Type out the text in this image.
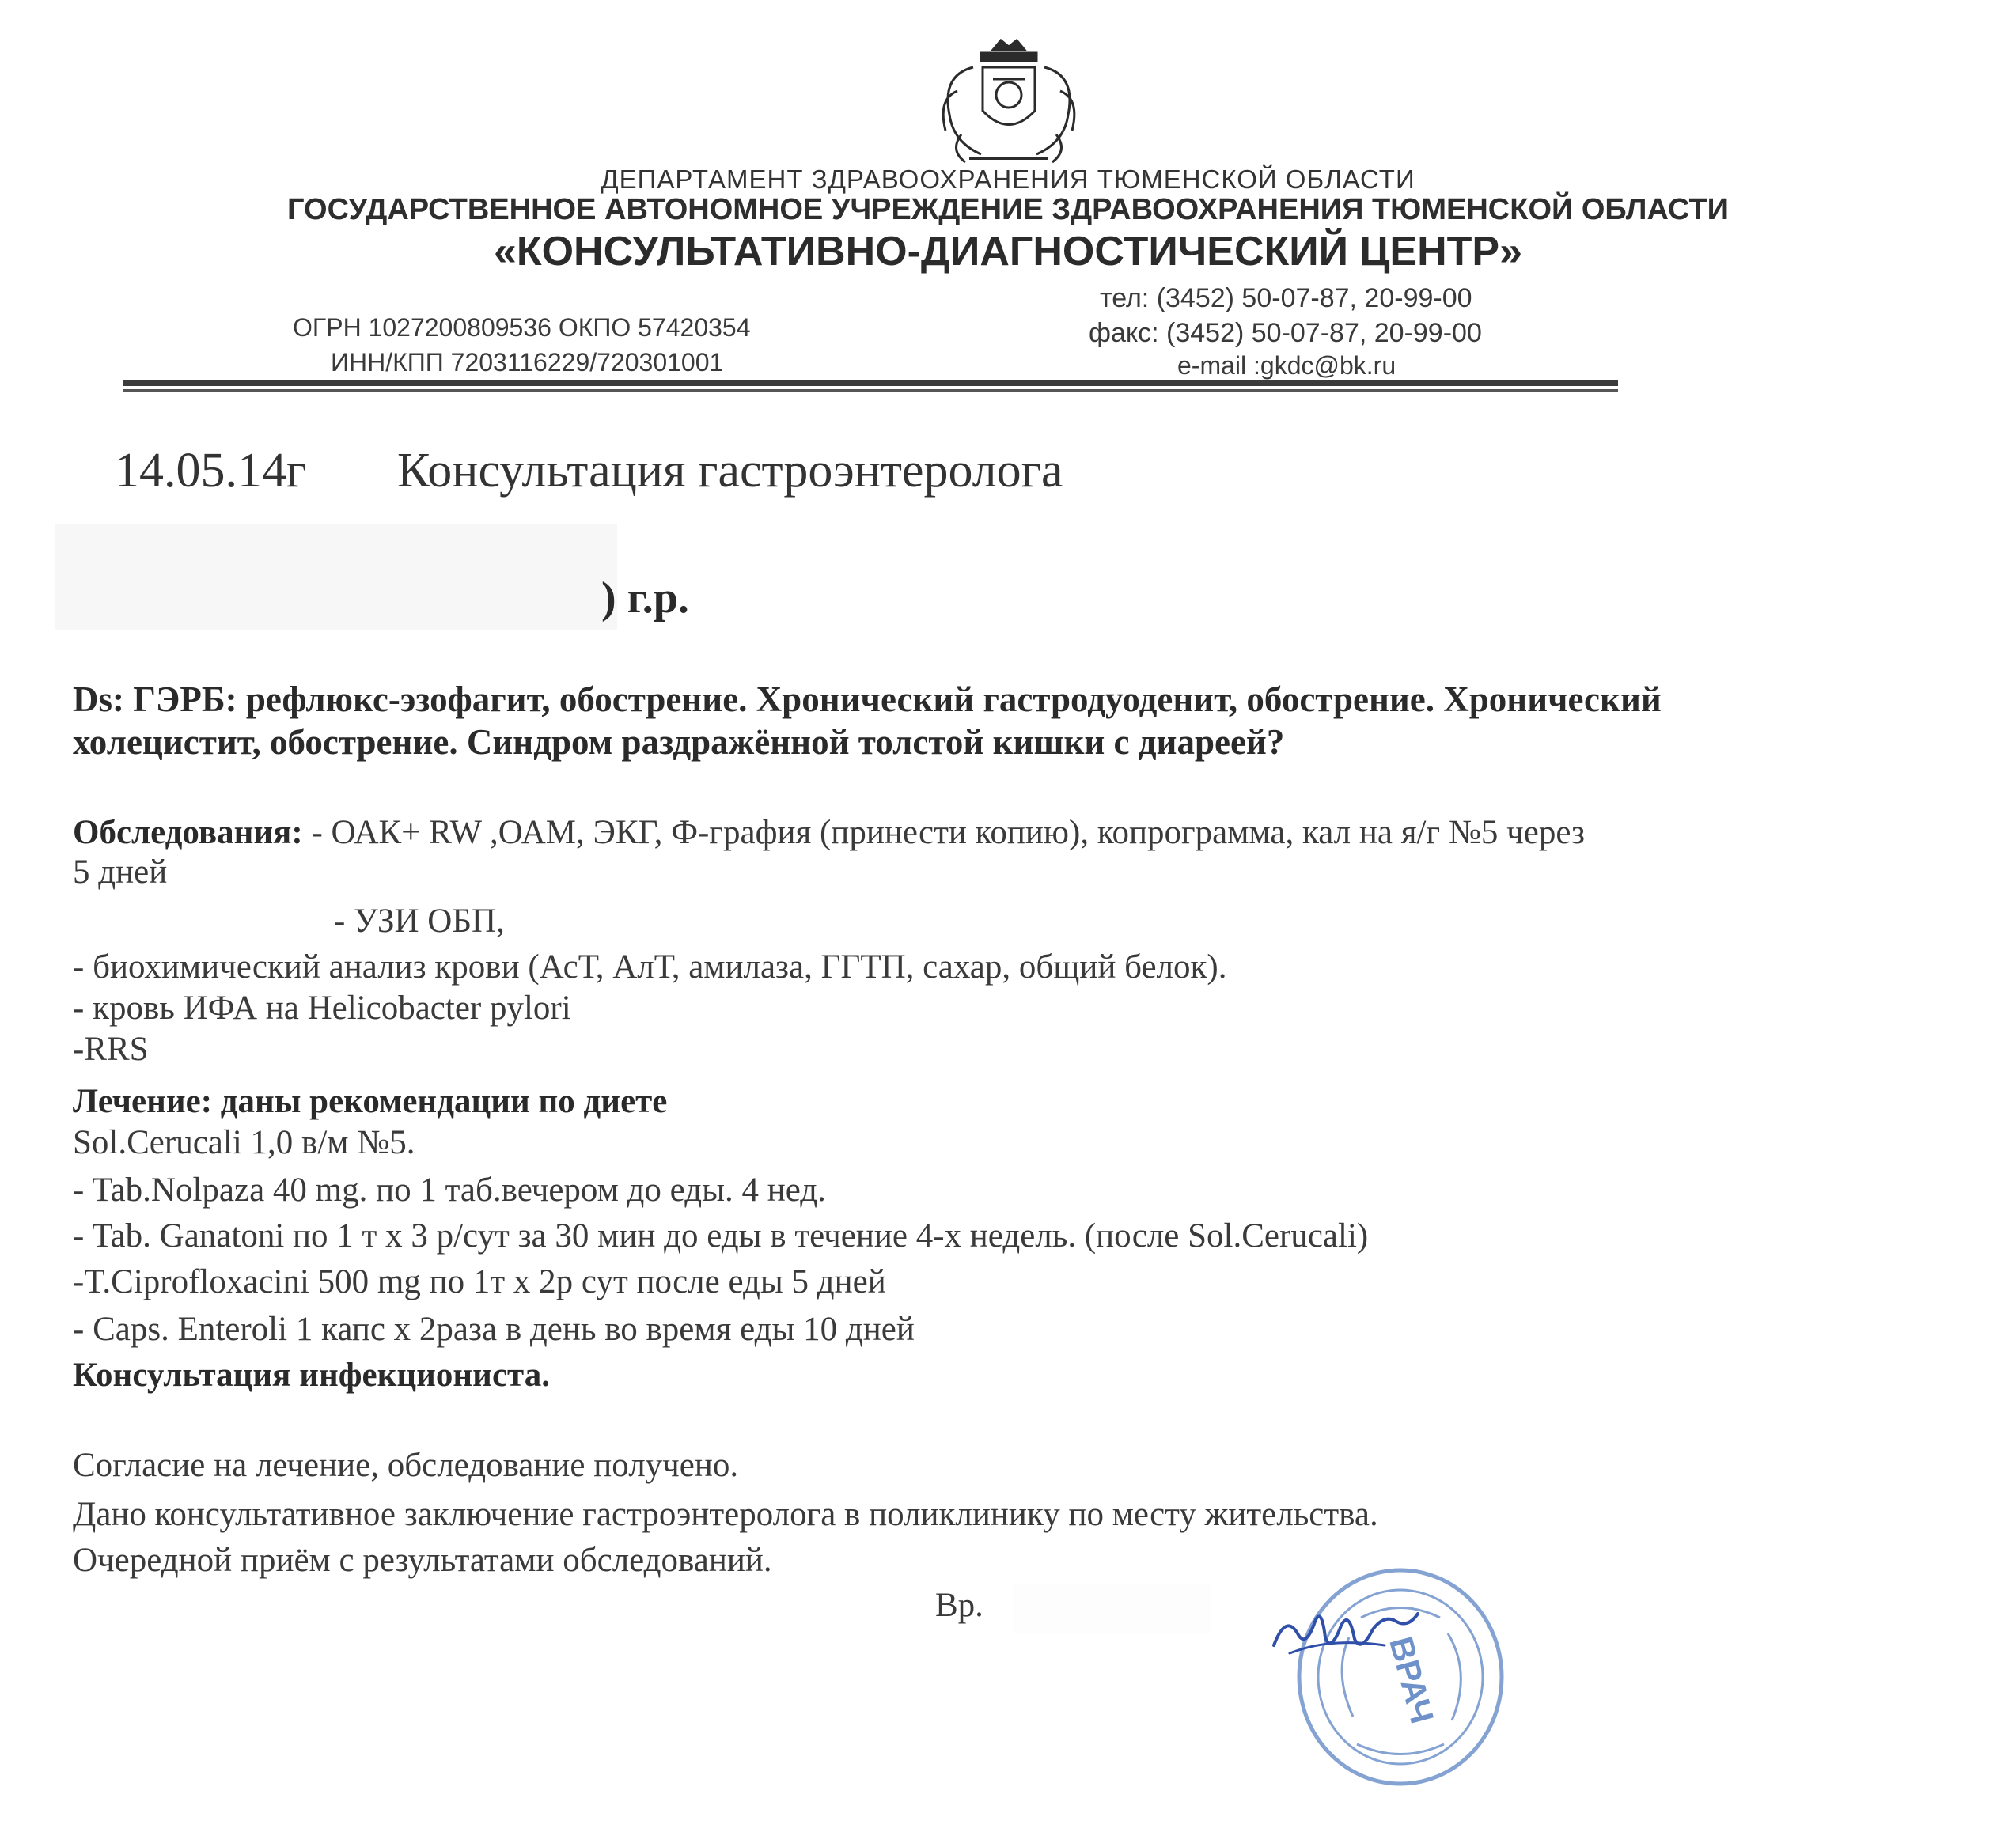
ДЕПАРТАМЕНТ ЗДРАВООХРАНЕНИЯ ТЮМЕНСКОЙ ОБЛАСТИ
ГОСУДАРСТВЕННОЕ АВТОНОМНОЕ УЧРЕЖДЕНИЕ ЗДРАВООХРАНЕНИЯ ТЮМЕНСКОЙ ОБЛАСТИ
«КОНСУЛЬТАТИВНО-ДИАГНОСТИЧЕСКИЙ ЦЕНТР»
ОГРН 1027200809536 ОКПО 57420354
ИНН/КПП 7203116229/720301001
тел: (3452) 50-07-87, 20-99-00
факс: (3452) 50-07-87, 20-99-00
e-mail :gkdc@bk.ru
14.05.14г Консультация гастроэнтеролога
) г.р.
Ds: ГЭРБ: рефлюкс-эзофагит, обострение. Хронический гастродуоденит, обострение. Хронический
холецистит, обострение. Синдром раздражённой толстой кишки с диареей?
Обследования: - ОАК+ RW ,ОАМ, ЭКГ, Ф-графия (принести копию), копрограмма, кал на я/г №5 через
5 дней
- УЗИ ОБП,
- биохимический анализ крови (АсТ, АлТ, амилаза, ГГТП, сахар, общий белок).
- кровь ИФА на Helicobacter pylori
-RRS
Лечение: даны рекомендации по диете
Sol.Cerucali 1,0 в/м №5.
- Tab.Nolpaza 40 mg. по 1 таб.вечером до еды. 4 нед.
- Tab. Ganatoni по 1 т х 3 р/сут за 30 мин до еды в течение 4-х недель. (после Sol.Cerucali)
-T.Ciprofloxacini 500 mg по 1т х 2р сут после еды 5 дней
- Caps. Enteroli 1 капс х 2раза в день во время еды 10 дней
Консультация инфекциониста.
Согласие на лечение, обследование получено.
Дано консультативное заключение гастроэнтеролога в поликлинику по месту жительства.
Очередной приём с результатами обследований.
Вр.
ВРАЧ
